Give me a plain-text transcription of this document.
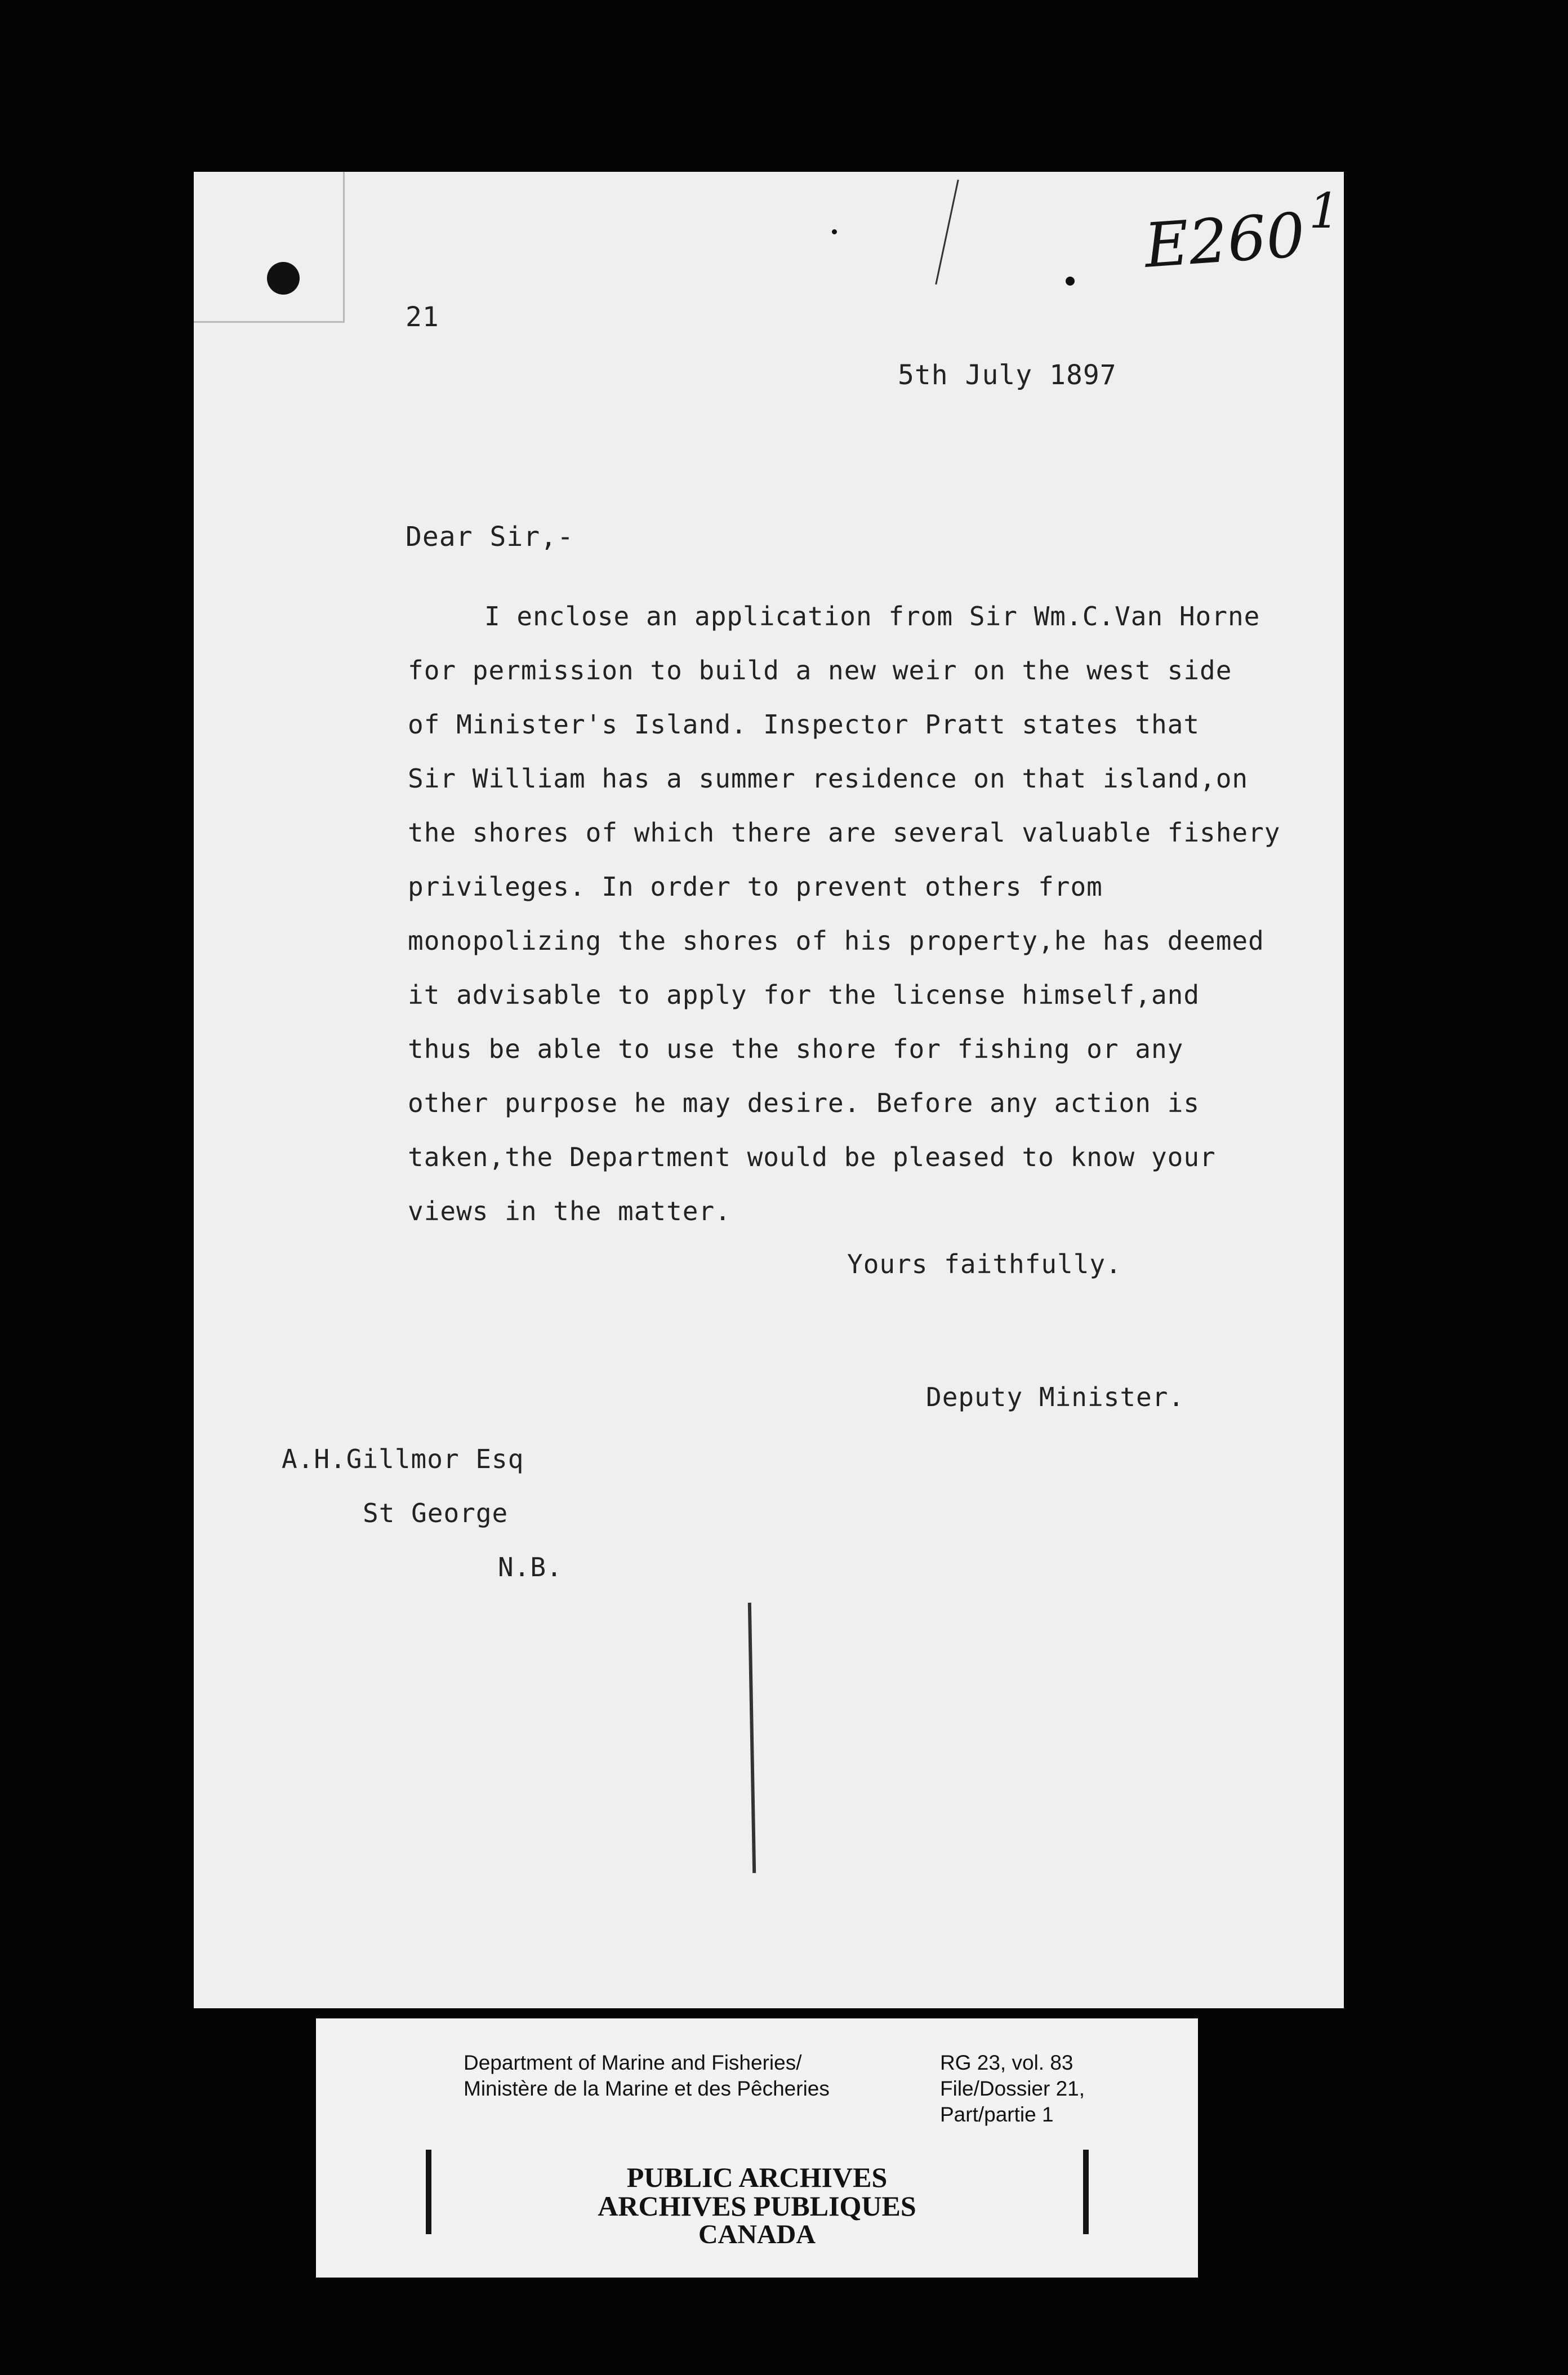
1
E260
21
5th July 1897
Dear Sir,-
I enclose an application from Sir Wm.C.Van Horne
for permission to build a new weir on the west side
of Minister's Island. Inspector Pratt states that
Sir William has a summer residence on that island,on
the shores of which there are several valuable fishery
privileges. In order to prevent others from
monopolizing the shores of his property,he has deemed
it advisable to apply for the license himself,and
thus be able to use the shore for fishing or any
other purpose he may desire. Before any action is
taken,the Department would be pleased to know your
views in the matter.
Yours faithfully.
Deputy Minister.
A.H.Gillmor Esq
St George
N.B.
Department of Marine and Fisheries/
Ministère de la Marine et des Pêcheries
RG 23, vol. 83
File/Dossier 21,
Part/partie 1
PUBLIC ARCHIVES
ARCHIVES PUBLIQUES
CANADA
